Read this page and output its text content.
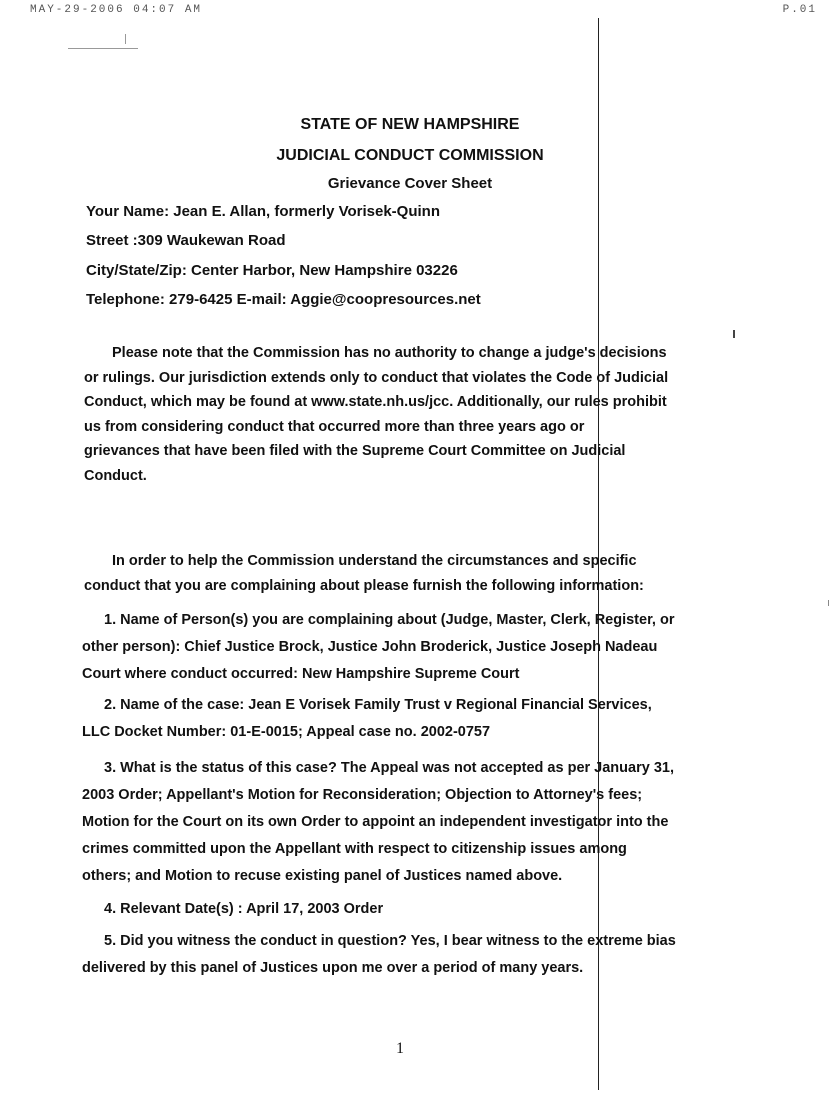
MAY-29-2006 04:07 AM	P.01
STATE OF NEW HAMPSHIRE
JUDICIAL CONDUCT COMMISSION
Grievance Cover Sheet
Your Name: Jean E. Allan, formerly Vorisek-Quinn
Street :309 Waukewan Road
City/State/Zip: Center Harbor, New Hampshire 03226
Telephone: 279-6425 E-mail: Aggie@coopresources.net
Please note that the Commission has no authority to change a judge's decisions
or rulings. Our jurisdiction extends only to conduct that violates the Code of Judicial
Conduct, which may be found at www.state.nh.us/jcc. Additionally, our rules prohibit
us from considering conduct that occurred more than three years ago or
grievances that have been filed with the Supreme Court Committee on Judicial
Conduct.
In order to help the Commission understand the circumstances and specific
conduct that you are complaining about please furnish the following information:
1. Name of Person(s) you are complaining about (Judge, Master, Clerk, Register, or
other person): Chief Justice Brock, Justice John Broderick, Justice Joseph Nadeau
Court where conduct occurred: New Hampshire Supreme Court
2. Name of the case: Jean E Vorisek Family Trust v Regional Financial Services,
LLC Docket Number: 01-E-0015; Appeal case no. 2002-0757
3. What is the status of this case? The Appeal was not accepted as per January 31,
2003 Order; Appellant's Motion for Reconsideration; Objection to Attorney's fees;
Motion for the Court on its own Order to appoint an independent investigator into the
crimes committed upon the Appellant with respect to citizenship issues among
others; and Motion to recuse existing panel of Justices named above.
4. Relevant Date(s) : April 17, 2003 Order
5. Did you witness the conduct in question? Yes, I bear witness to the extreme bias
delivered by this panel of Justices upon me over a period of many years.
1
